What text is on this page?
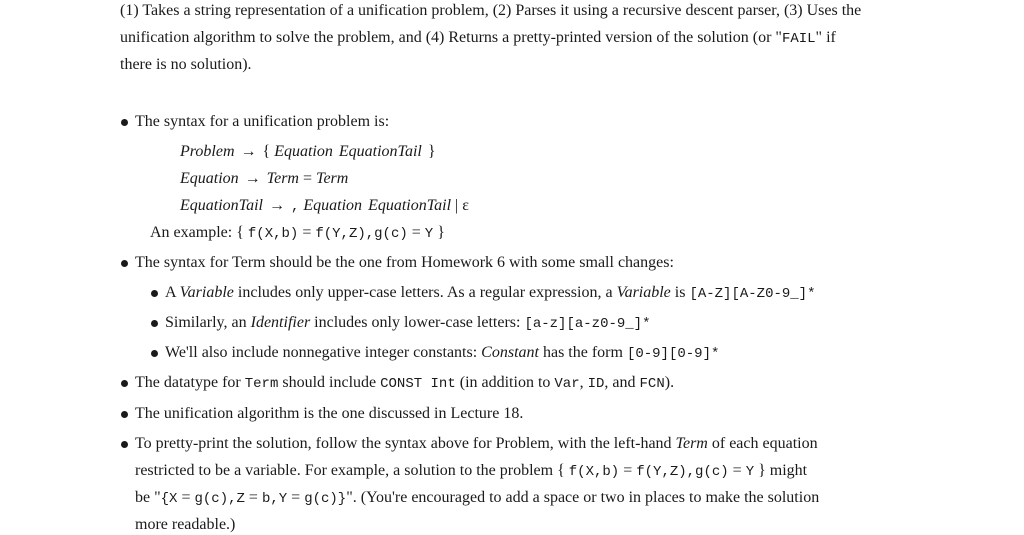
(1) Takes a string representation of a unification problem, (2) Parses it using a recursive descent parser, (3) Uses the
unification algorithm to solve the problem, and (4) Returns a pretty-printed version of the solution (or "FAIL" if
there is no solution).
The syntax for a unification problem is:
Problem → { Equation EquationTail }
Equation → Term = Term
EquationTail → , Equation EquationTail | ε
An example: { f(X,b) = f(Y,Z),g(c) = Y }
The syntax for Term should be the one from Homework 6 with some small changes:
A Variable includes only upper-case letters. As a regular expression, a Variable is [A-Z][A-Z0-9_]*
Similarly, an Identifier includes only lower-case letters: [a-z][a-z0-9_]*
We'll also include nonnegative integer constants: Constant has the form [0-9][0-9]*
The datatype for Term should include CONST Int (in addition to Var, ID, and FCN).
The unification algorithm is the one discussed in Lecture 18.
To pretty-print the solution, follow the syntax above for Problem, with the left-hand Term of each equation
restricted to be a variable. For example, a solution to the problem { f(X,b) = f(Y,Z),g(c) = Y } might
be "{X = g(c),Z = b,Y = g(c)}". (You're encouraged to add a space or two in places to make the solution
more readable.)
